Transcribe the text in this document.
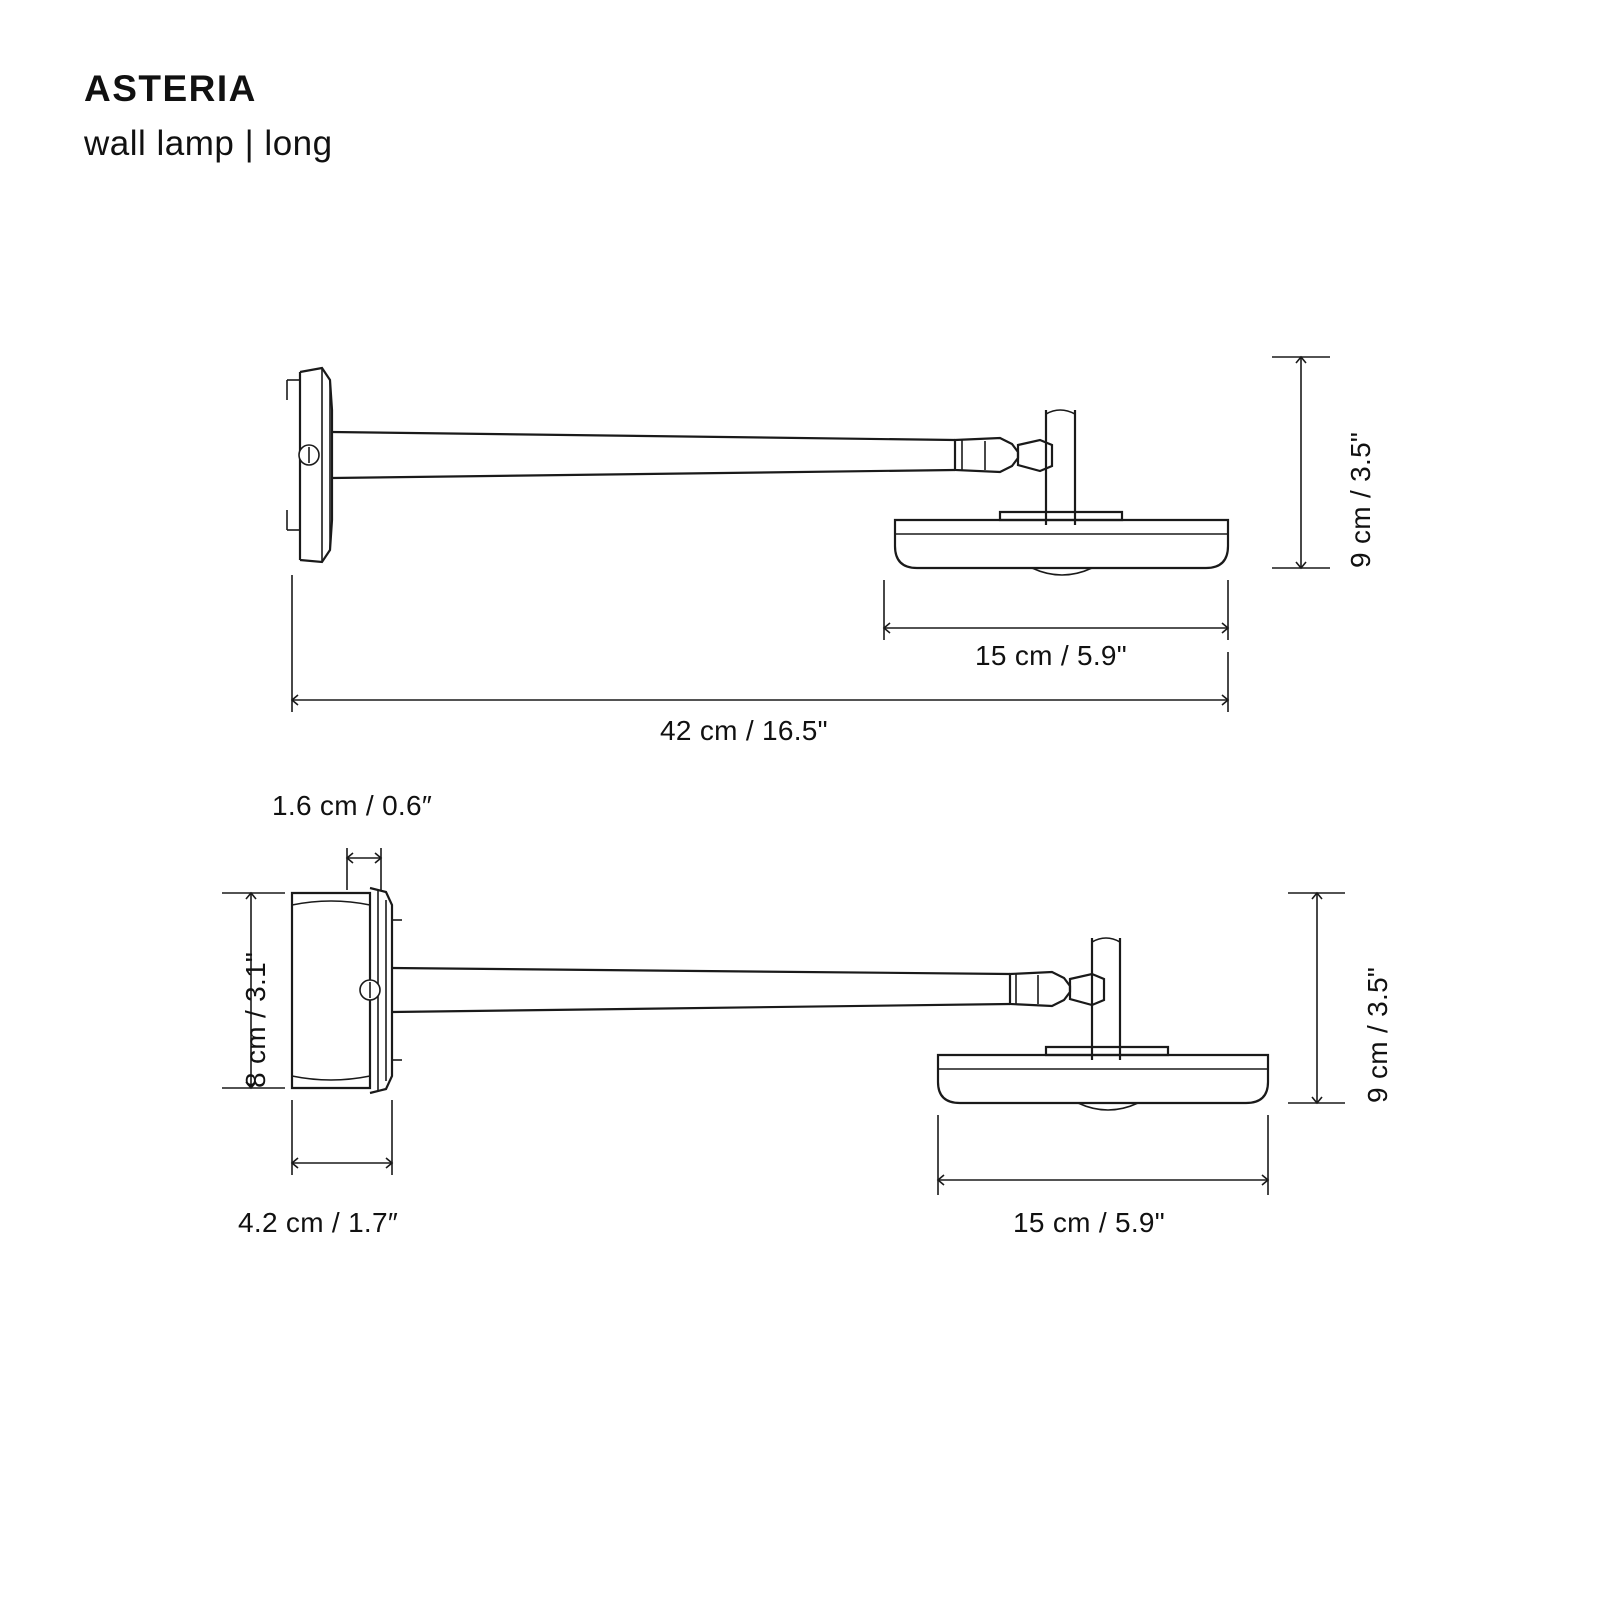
ASTERIA
wall lamp | long
9 cm / 3.5"
15 cm / 5.9"
42 cm / 16.5"
1.6 cm / 0.6″
8 cm / 3.1"
4.2 cm / 1.7″
9 cm / 3.5"
15 cm / 5.9"
